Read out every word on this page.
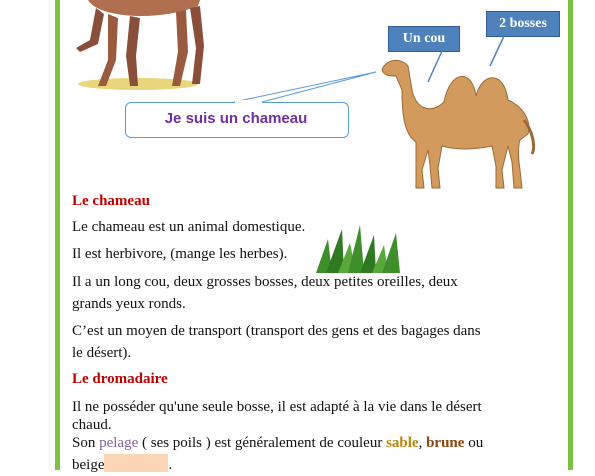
Un cou
2 bosses
Je suis un chameau
Le chameau
Le chameau est un animal domestique.
Il est herbivore, (mange les herbes).
Il a un long cou, deux grosses bosses, deux petites oreilles, deux
grands yeux ronds.
C’est un moyen de transport (transport des gens et des bagages dans
le désert).
Le dromadaire
Il ne posséder qu'une seule bosse, il est adapté à la vie dans le désert
chaud.
Son pelage ( ses poils ) est généralement de couleur sable, brune ou
beige	.
